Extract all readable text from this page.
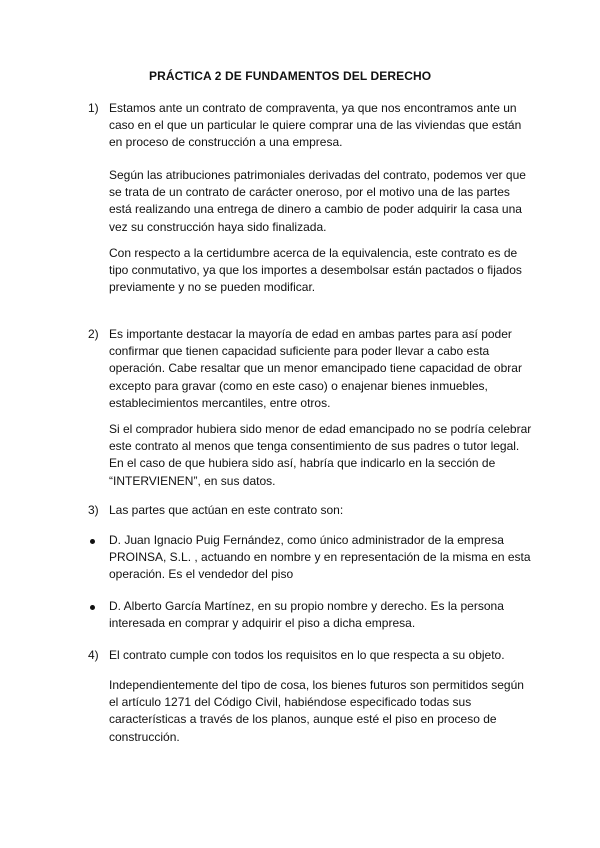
PRÁCTICA 2 DE FUNDAMENTOS DEL DERECHO
1) Estamos ante un contrato de compraventa, ya que nos encontramos ante un caso en el que un particular le quiere comprar una de las viviendas que están en proceso de construcción a una empresa.

Según las atribuciones patrimoniales derivadas del contrato, podemos ver que se trata de un contrato de carácter oneroso, por el motivo una de las partes está realizando una entrega de dinero a cambio de poder adquirir la casa una vez su construcción haya sido finalizada.

Con respecto a la certidumbre acerca de la equivalencia, este contrato es de tipo conmutativo, ya que los importes a desembolsar están pactados o fijados previamente y no se pueden modificar.

2) Es importante destacar la mayoría de edad en ambas partes para así poder confirmar que tienen capacidad suficiente para poder llevar a cabo esta operación. Cabe resaltar que un menor emancipado tiene capacidad de obrar excepto para gravar (como en este caso) o enajenar bienes inmuebles, establecimientos mercantiles, entre otros.

Si el comprador hubiera sido menor de edad emancipado no se podría celebrar este contrato al menos que tenga consentimiento de sus padres o tutor legal. En el caso de que hubiera sido así, habría que indicarlo en la sección de “INTERVIENEN”, en sus datos.

3) Las partes que actúan en este contrato son:

D. Juan Ignacio Puig Fernández, como único administrador de la empresa PROINSA, S.L. , actuando en nombre y en representación de la misma en esta operación. Es el vendedor del piso

D. Alberto García Martínez, en su propio nombre y derecho. Es la persona interesada en comprar y adquirir el piso a dicha empresa.

4) El contrato cumple con todos los requisitos en lo que respecta a su objeto.

Independientemente del tipo de cosa, los bienes futuros son permitidos según el artículo 1271 del Código Civil, habiéndose especificado todas sus características a través de los planos, aunque esté el piso en proceso de construcción.
